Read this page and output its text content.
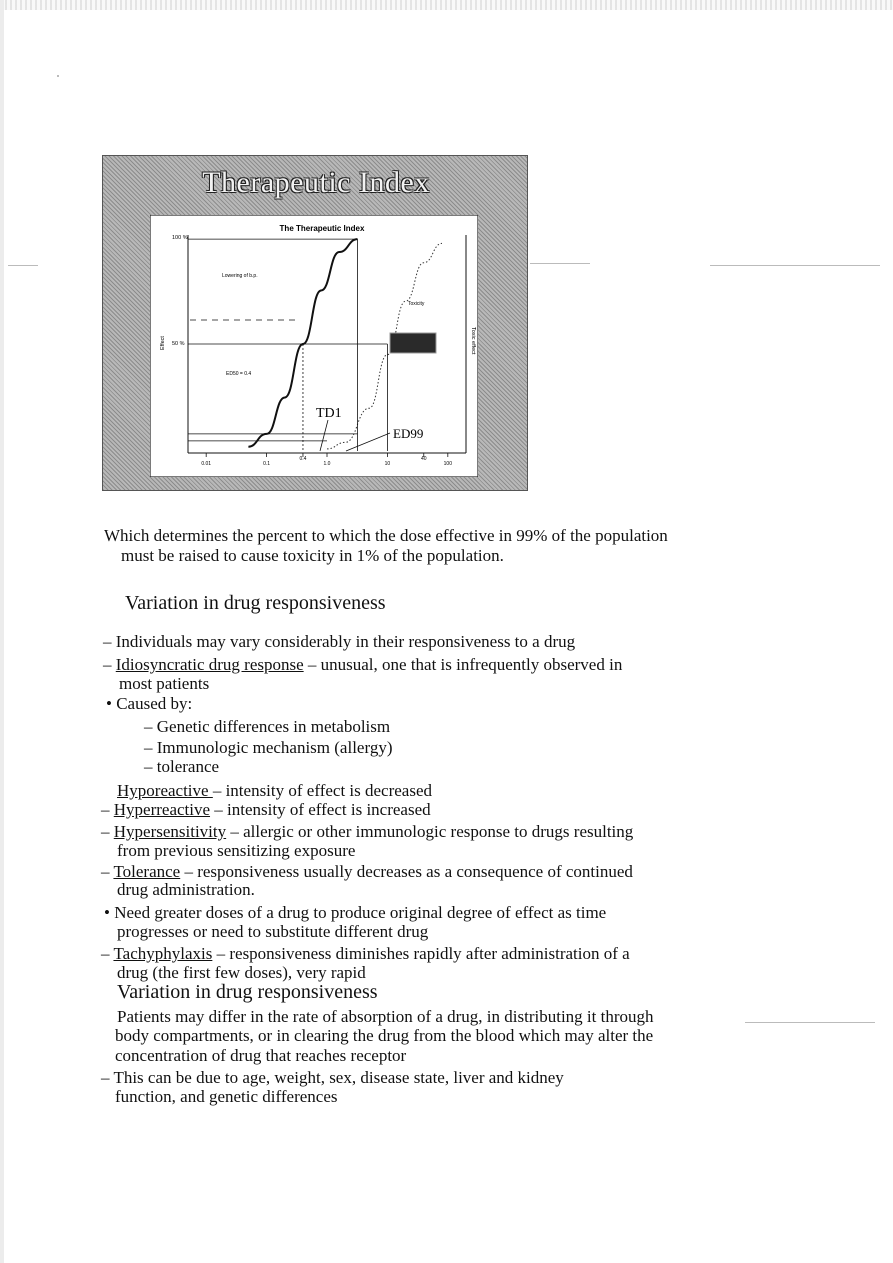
Therapeutic Index
The Therapeutic Index
100 %
50 %
Effect	Toxic effect
0.01	0.1
0.4
1.0	10
40
100
Lowering of b.p.
Toxicity
ED50 = 0.4
TD1
ED99
Which determines the percent to which the dose effective in 99% of the population
must be raised to cause toxicity in 1% of the population.
Variation in drug responsiveness
– Individuals may vary considerably in their responsiveness to a drug
– Idiosyncratic drug response – unusual, one that is infrequently observed in
most patients
• Caused by:
– Genetic differences in metabolism
– Immunologic mechanism (allergy)
– tolerance
Hyporeactive – intensity of effect is decreased
– Hyperreactive – intensity of effect is increased
– Hypersensitivity – allergic or other immunologic response to drugs resulting
from previous sensitizing exposure
– Tolerance – responsiveness usually decreases as a consequence of continued
drug administration.
• Need greater doses of a drug to produce original degree of effect as time
progresses or need to substitute different drug
– Tachyphylaxis – responsiveness diminishes rapidly after administration of a
drug (the first few doses), very rapid
Variation in drug responsiveness
Patients may differ in the rate of absorption of a drug, in distributing it through
body compartments, or in clearing the drug from the blood which may alter the
concentration of drug that reaches receptor
– This can be due to age, weight, sex, disease state, liver and kidney
function, and genetic differences
